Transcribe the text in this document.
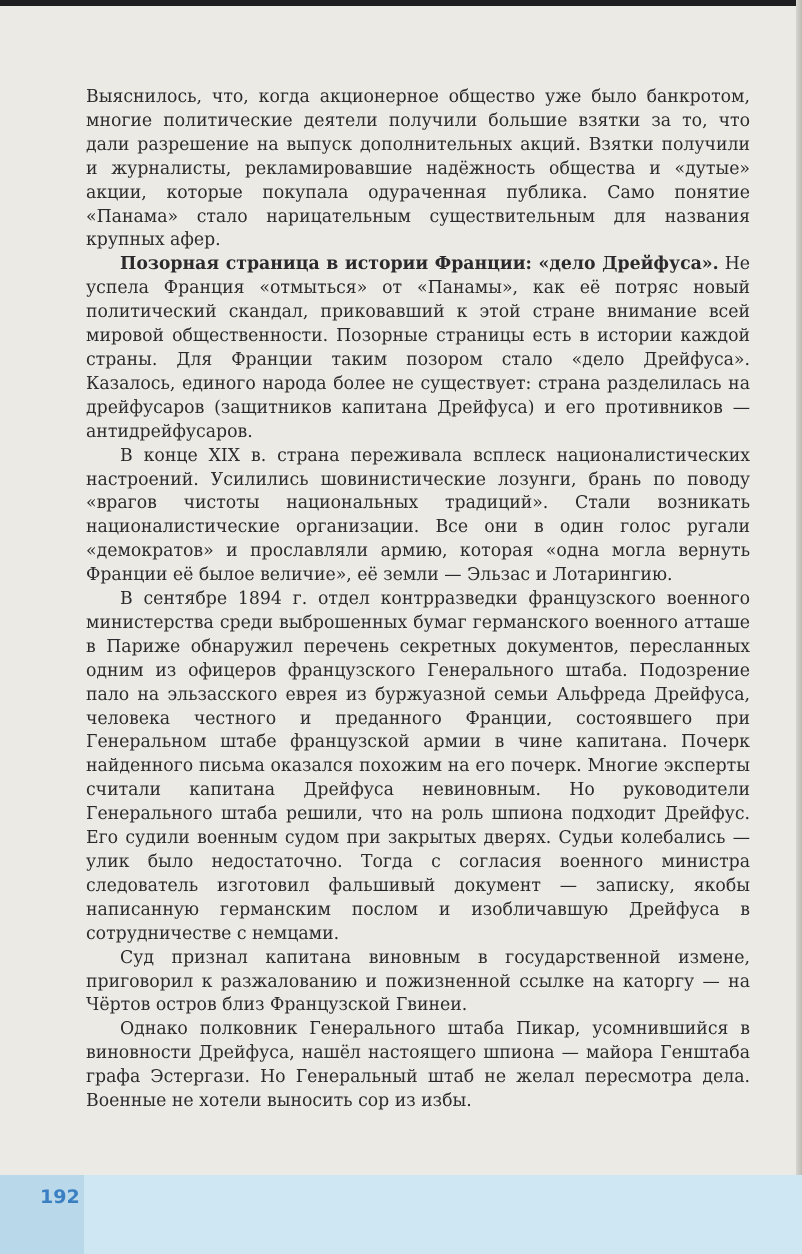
Выяснилось, что, когда акционерное общество уже было банкротом, многие политические деятели получили большие взятки за то, что дали разрешение на выпуск дополнительных акций. Взятки получили и журналисты, рекламировавшие надёжность общества и «дутые» акции, которые покупала одураченная публика. Само понятие «Панама» стало нарицательным существительным для названия крупных афер.

Позорная страница в истории Франции: «дело Дрейфуса». Не успела Франция «отмыться» от «Панамы», как её потряс новый политический скандал, приковавший к этой стране внимание всей мировой общественности. Позорные страницы есть в истории каждой страны. Для Франции таким позором стало «дело Дрейфуса». Казалось, единого народа более не существует: страна разделилась на дрейфусаров (защитников капитана Дрейфуса) и его противников — антидрейфусаров.

В конце XIX в. страна переживала всплеск националистических настроений. Усилились шовинистические лозунги, брань по поводу «врагов чистоты национальных традиций». Стали возникать националистические организации. Все они в один голос ругали «демократов» и прославляли армию, которая «одна могла вернуть Франции её былое величие», её земли — Эльзас и Лотарингию.

В сентябре 1894 г. отдел контрразведки французского военного министерства среди выброшенных бумаг германского военного атташе в Париже обнаружил перечень секретных документов, пересланных одним из офицеров французского Генерального штаба. Подозрение пало на эльзасского еврея из буржуазной семьи Альфреда Дрейфуса, человека честного и преданного Франции, состоявшего при Генеральном штабе французской армии в чине капитана. Почерк найденного письма оказался похожим на его почерк. Многие эксперты считали капитана Дрейфуса невиновным. Но руководители Генерального штаба решили, что на роль шпиона подходит Дрейфус. Его судили военным судом при закрытых дверях. Судьи колебались — улик было недостаточно. Тогда с согласия военного министра следователь изготовил фальшивый документ — записку, якобы написанную германским послом и изобличавшую Дрейфуса в сотрудничестве с немцами.

Суд признал капитана виновным в государственной измене, приговорил к разжалованию и пожизненной ссылке на каторгу — на Чёртов остров близ Французской Гвинеи.

Однако полковник Генерального штаба Пикар, усомнившийся в виновности Дрейфуса, нашёл настоящего шпиона — майора Генштаба графа Эстергази. Но Генеральный штаб не желал пересмотра дела. Военные не хотели выносить сор из избы.

192
